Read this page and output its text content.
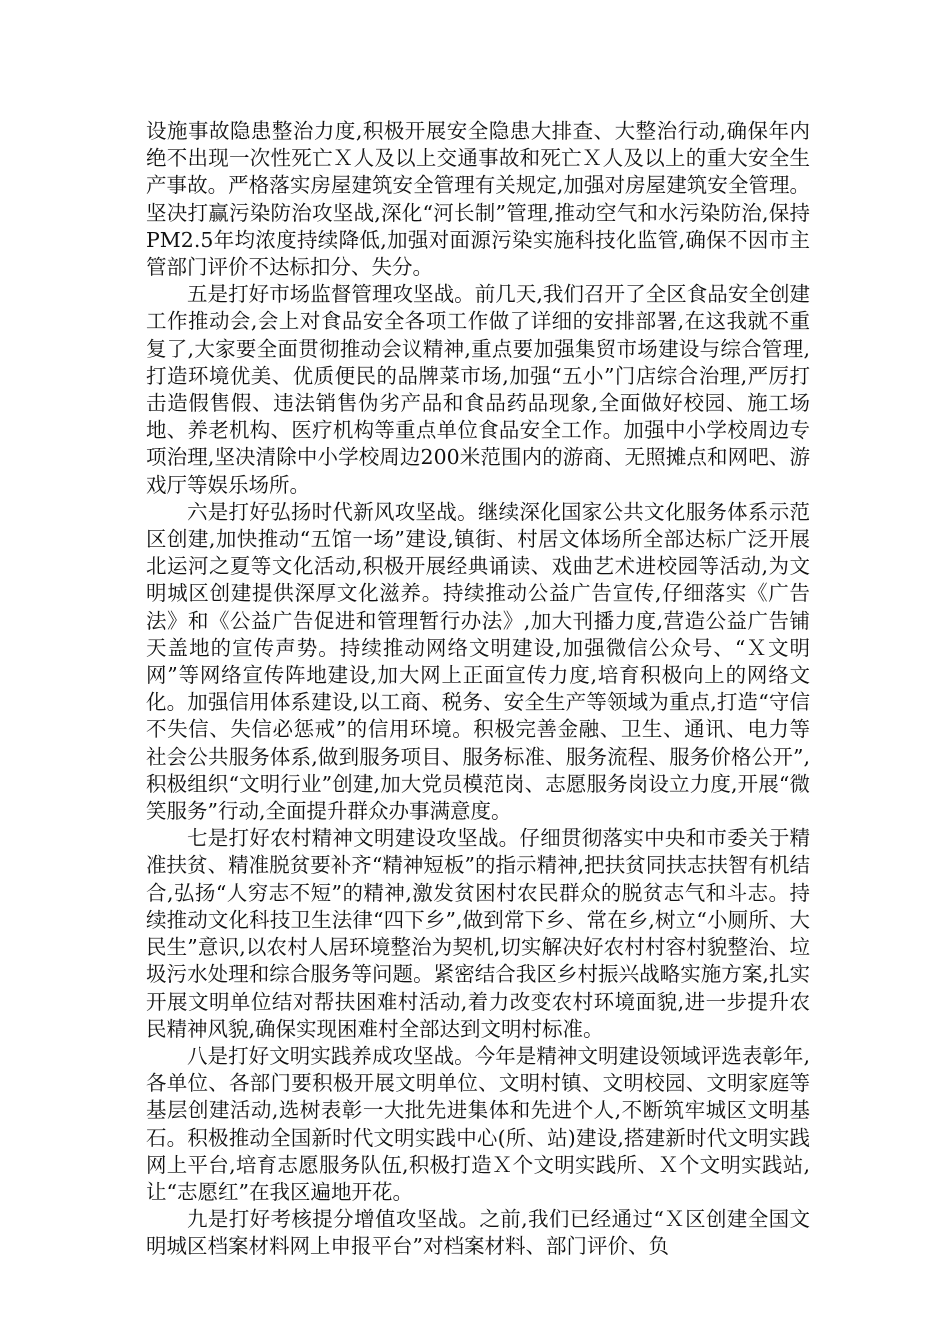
设施事故隐患整治力度,积极开展安全隐患大排查、大整治行动,确保年内绝不出现一次性死亡Ｘ人及以上交通事故和死亡Ｘ人及以上的重大安全生产事故。严格落实房屋建筑安全管理有关规定,加强对房屋建筑安全管理。坚决打赢污染防治攻坚战,深化“河长制”管理,推动空气和水污染防治,保持PM2.5年均浓度持续降低,加强对面源污染实施科技化监管,确保不因市主管部门评价不达标扣分、失分。

五是打好市场监督管理攻坚战。前几天,我们召开了全区食品安全创建工作推动会,会上对食品安全各项工作做了详细的安排部署,在这我就不重复了,大家要全面贯彻推动会议精神,重点要加强集贸市场建设与综合管理,打造环境优美、优质便民的品牌菜市场,加强“五小”门店综合治理,严厉打击造假售假、违法销售伪劣产品和食品药品现象,全面做好校园、施工场地、养老机构、医疗机构等重点单位食品安全工作。加强中小学校周边专项治理,坚决清除中小学校周边200米范围内的游商、无照摊点和网吧、游戏厅等娱乐场所。

六是打好弘扬时代新风攻坚战。继续深化国家公共文化服务体系示范区创建,加快推动“五馆一场”建设,镇街、村居文体场所全部达标广泛开展北运河之夏等文化活动,积极开展经典诵读、戏曲艺术进校园等活动,为文明城区创建提供深厚文化滋养。持续推动公益广告宣传,仔细落实《广告法》和《公益广告促进和管理暂行办法》,加大刊播力度,营造公益广告铺天盖地的宣传声势。持续推动网络文明建设,加强微信公众号、“Ｘ文明网”等网络宣传阵地建设,加大网上正面宣传力度,培育积极向上的网络文化。加强信用体系建设,以工商、税务、安全生产等领域为重点,打造“守信不失信、失信必惩戒”的信用环境。积极完善金融、卫生、通讯、电力等社会公共服务体系,做到服务项目、服务标准、服务流程、服务价格公开”,积极组织“文明行业”创建,加大党员模范岗、志愿服务岗设立力度,开展“微笑服务”行动,全面提升群众办事满意度。

七是打好农村精神文明建设攻坚战。仔细贯彻落实中央和市委关于精准扶贫、精准脱贫要补齐“精神短板”的指示精神,把扶贫同扶志扶智有机结合,弘扬“人穷志不短”的精神,激发贫困村农民群众的脱贫志气和斗志。持续推动文化科技卫生法律“四下乡”,做到常下乡、常在乡,树立“小厕所、大民生”意识,以农村人居环境整治为契机,切实解决好农村村容村貌整治、垃圾污水处理和综合服务等问题。紧密结合我区乡村振兴战略实施方案,扎实开展文明单位结对帮扶困难村活动,着力改变农村环境面貌,进一步提升农民精神风貌,确保实现困难村全部达到文明村标准。

八是打好文明实践养成攻坚战。今年是精神文明建设领域评选表彰年,各单位、各部门要积极开展文明单位、文明村镇、文明校园、文明家庭等基层创建活动,选树表彰一大批先进集体和先进个人,不断筑牢城区文明基石。积极推动全国新时代文明实践中心(所、站)建设,搭建新时代文明实践网上平台,培育志愿服务队伍,积极打造Ｘ个文明实践所、Ｘ个文明实践站,让“志愿红”在我区遍地开花。

九是打好考核提分增值攻坚战。之前,我们已经通过“Ｘ区创建全国文明城区档案材料网上申报平台”对档案材料、部门评价、负
